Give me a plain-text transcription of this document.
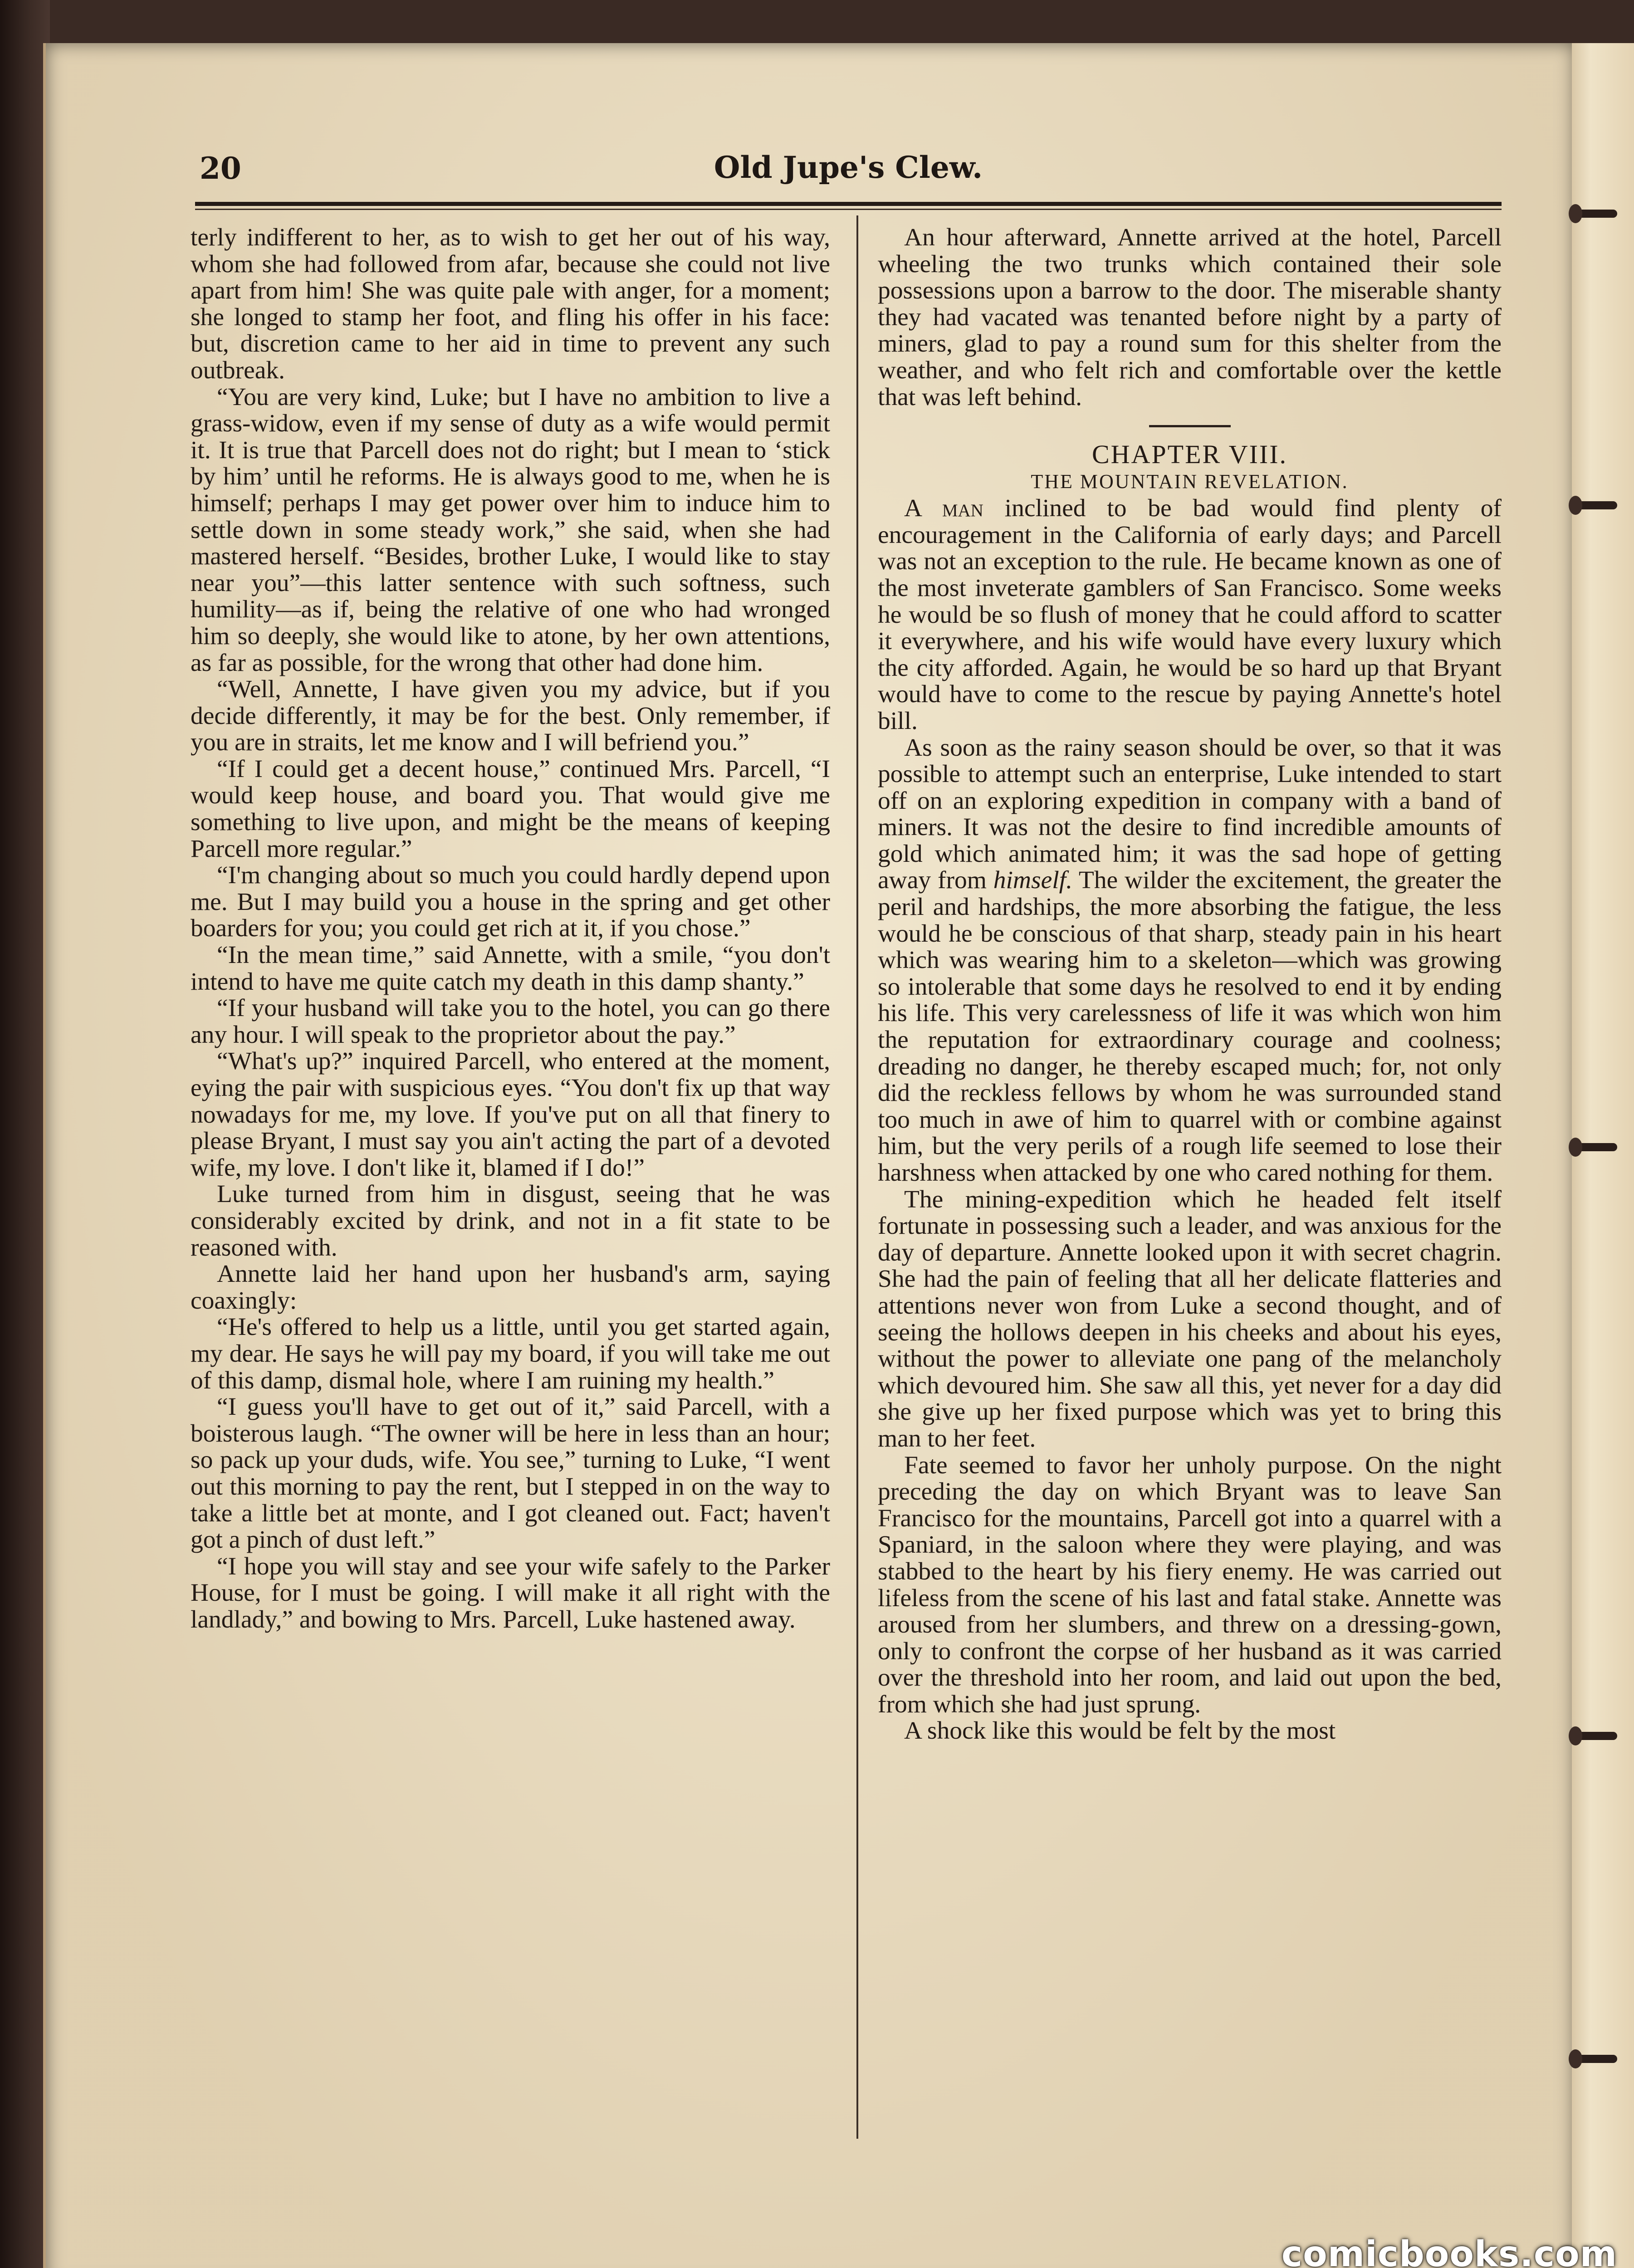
Old Jupe's Clew.
20

terly indifferent to her, as to wish to get her out of his way, whom she had followed from afar, because she could not live apart from him! She was quite pale with anger, for a moment; she longed to stamp her foot, and fling his offer in his face: but, discretion came to her aid in time to prevent any such outbreak.

“You are very kind, Luke; but I have no ambition to live a grass-widow, even if my sense of duty as a wife would permit it. It is true that Parcell does not do right; but I mean to ‘stick by him’ until he reforms. He is always good to me, when he is himself; perhaps I may get power over him to induce him to settle down in some steady work,” she said, when she had mastered herself. “Besides, brother Luke, I would like to stay near you”—this latter sentence with such softness, such humility—as if, being the relative of one who had wronged him so deeply, she would like to atone, by her own attentions, as far as possible, for the wrong that other had done him.

“Well, Annette, I have given you my advice, but if you decide differently, it may be for the best. Only remember, if you are in straits, let me know and I will befriend you.”

“If I could get a decent house,” continued Mrs. Parcell, “I would keep house, and board you. That would give me something to live upon, and might be the means of keeping Parcell more regular.”

“I'm changing about so much you could hardly depend upon me. But I may build you a house in the spring and get other boarders for you; you could get rich at it, if you chose.”

“In the mean time,” said Annette, with a smile, “you don't intend to have me quite catch my death in this damp shanty.”

“If your husband will take you to the hotel, you can go there any hour. I will speak to the proprietor about the pay.”

“What's up?” inquired Parcell, who entered at the moment, eying the pair with suspicious eyes. “You don't fix up that way nowadays for me, my love. If you've put on all that finery to please Bryant, I must say you ain't acting the part of a devoted wife, my love. I don't like it, blamed if I do!”

Luke turned from him in disgust, seeing that he was considerably excited by drink, and not in a fit state to be reasoned with.

Annette laid her hand upon her husband's arm, saying coaxingly:

“He's offered to help us a little, until you get started again, my dear. He says he will pay my board, if you will take me out of this damp, dismal hole, where I am ruining my health.”

“I guess you'll have to get out of it,” said Parcell, with a boisterous laugh. “The owner will be here in less than an hour; so pack up your duds, wife. You see,” turning to Luke, “I went out this morning to pay the rent, but I stepped in on the way to take a little bet at monte, and I got cleaned out. Fact; haven't got a pinch of dust left.”

“I hope you will stay and see your wife safely to the Parker House, for I must be going. I will make it all right with the landlady,” and bowing to Mrs. Parcell, Luke hastened away.

An hour afterward, Annette arrived at the hotel, Parcell wheeling the two trunks which contained their sole possessions upon a barrow to the door. The miserable shanty they had vacated was tenanted before night by a party of miners, glad to pay a round sum for this shelter from the weather, and who felt rich and comfortable over the kettle that was left behind.

CHAPTER VIII.
THE MOUNTAIN REVELATION.

A man inclined to be bad would find plenty of encouragement in the California of early days; and Parcell was not an exception to the rule. He became known as one of the most inveterate gamblers of San Francisco. Some weeks he would be so flush of money that he could afford to scatter it everywhere, and his wife would have every luxury which the city afforded. Again, he would be so hard up that Bryant would have to come to the rescue by paying Annette's hotel bill.

As soon as the rainy season should be over, so that it was possible to attempt such an enterprise, Luke intended to start off on an exploring expedition in company with a band of miners. It was not the desire to find incredible amounts of gold which animated him; it was the sad hope of getting away from himself. The wilder the excitement, the greater the peril and hardships, the more absorbing the fatigue, the less would he be conscious of that sharp, steady pain in his heart which was wearing him to a skeleton—which was growing so intolerable that some days he resolved to end it by ending his life. This very carelessness of life it was which won him the reputation for extraordinary courage and coolness; dreading no danger, he thereby escaped much; for, not only did the reckless fellows by whom he was surrounded stand too much in awe of him to quarrel with or combine against him, but the very perils of a rough life seemed to lose their harshness when attacked by one who cared nothing for them.

The mining-expedition which he headed felt itself fortunate in possessing such a leader, and was anxious for the day of departure. Annette looked upon it with secret chagrin. She had the pain of feeling that all her delicate flatteries and attentions never won from Luke a second thought, and of seeing the hollows deepen in his cheeks and about his eyes, without the power to alleviate one pang of the melancholy which devoured him. She saw all this, yet never for a day did she give up her fixed purpose which was yet to bring this man to her feet.

Fate seemed to favor her unholy purpose. On the night preceding the day on which Bryant was to leave San Francisco for the mountains, Parcell got into a quarrel with a Spaniard, in the saloon where they were playing, and was stabbed to the heart by his fiery enemy. He was carried out lifeless from the scene of his last and fatal stake. Annette was aroused from her slumbers, and threw on a dressing-gown, only to confront the corpse of her husband as it was carried over the threshold into her room, and laid out upon the bed, from which she had just sprung.

A shock like this would be felt by the most

comicbooks.com
